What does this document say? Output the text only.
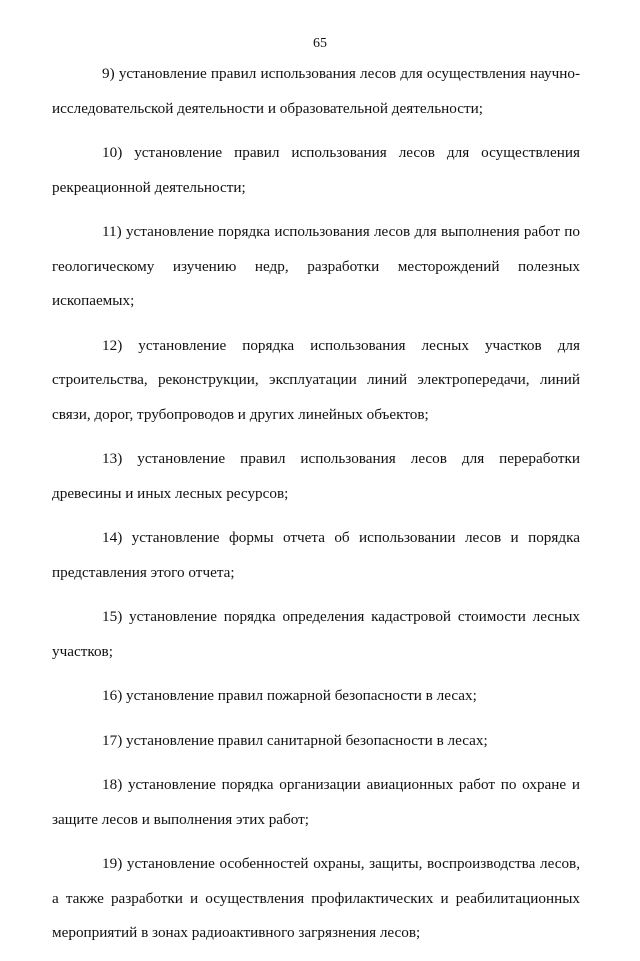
65

9) установление правил использования лесов для осуществления научно-исследовательской деятельности и образовательной деятельности;

10) установление правил использования лесов для осуществления рекреационной деятельности;

11) установление порядка использования лесов для выполнения работ по геологическому изучению недр, разработки месторождений полезных ископаемых;

12) установление порядка использования лесных участков для строительства, реконструкции, эксплуатации линий электропередачи, линий связи, дорог, трубопроводов и других линейных объектов;

13) установление правил использования лесов для переработки древесины и иных лесных ресурсов;

14) установление формы отчета об использовании лесов и порядка представления этого отчета;

15) установление порядка определения кадастровой стоимости лесных участков;

16) установление правил пожарной безопасности в лесах;

17) установление правил санитарной безопасности в лесах;

18) установление порядка организации авиационных работ по охране и защите лесов и выполнения этих работ;

19) установление особенностей охраны, защиты, воспроизводства лесов, а также разработки и осуществления профилактических и реабилитационных мероприятий в зонах радиоактивного загрязнения лесов;
